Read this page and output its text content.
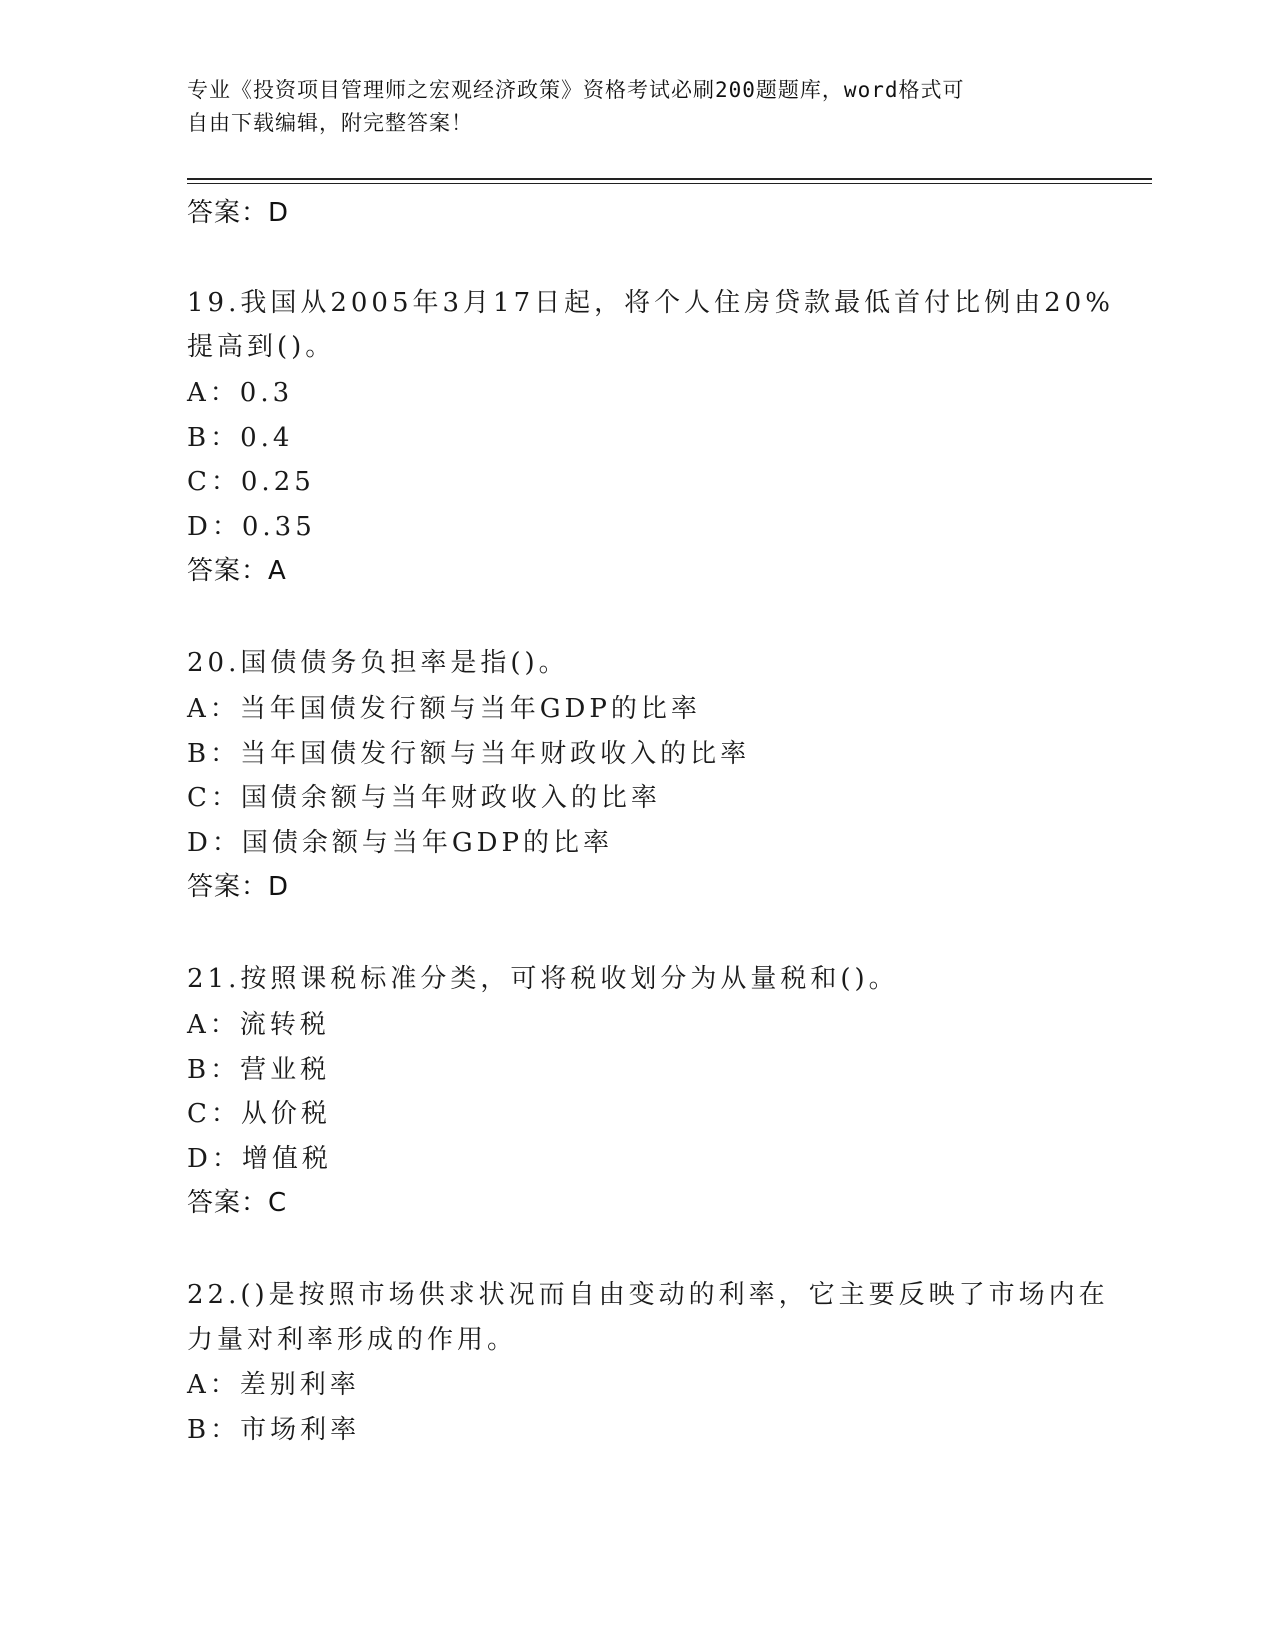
专业《投资项目管理师之宏观经济政策》资格考试必刷200题题库，word格式可
自由下载编辑，附完整答案！
答案：D
19.我国从2005年3月17日起，将个人住房贷款最低首付比例由20%
提高到()。
A：0.3
B：0.4
C：0.25
D：0.35
答案：A
20.国债债务负担率是指()。
A：当年国债发行额与当年GDP的比率
B：当年国债发行额与当年财政收入的比率
C：国债余额与当年财政收入的比率
D：国债余额与当年GDP的比率
答案：D
21.按照课税标准分类，可将税收划分为从量税和()。
A：流转税
B：营业税
C：从价税
D：增值税
答案：C
22.()是按照市场供求状况而自由变动的利率，它主要反映了市场内在
力量对利率形成的作用。
A：差别利率
B：市场利率
